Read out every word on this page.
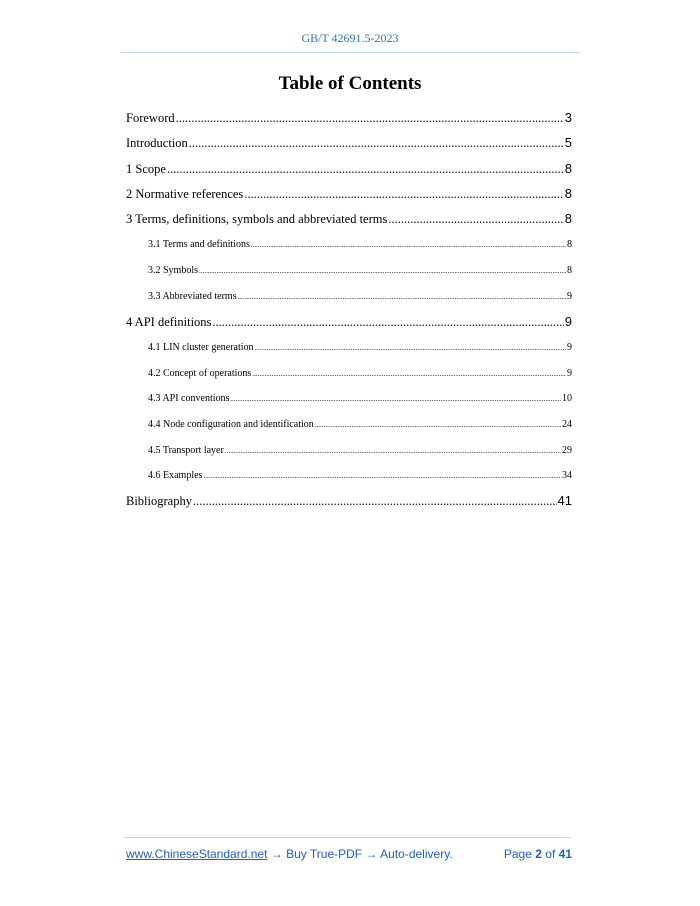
GB/T 42691.5-2023
Table of Contents
Foreword .....	3
Introduction .....	5
1 Scope .....	8
2 Normative references .....	8
3 Terms, definitions, symbols and abbreviated terms .....	8
3.1 Terms and definitions .....	8
3.2 Symbols .....	8
3.3 Abbreviated terms .....	9
4 API definitions .....	9
4.1 LIN cluster generation .....	9
4.2 Concept of operations .....	9
4.3 API conventions .....	10
4.4 Node configuration and identification .....	24
4.5 Transport layer .....	29
4.6 Examples .....	34
Bibliography .....	41
www.ChineseStandard.net → Buy True-PDF → Auto-delivery.	Page 2 of 41
